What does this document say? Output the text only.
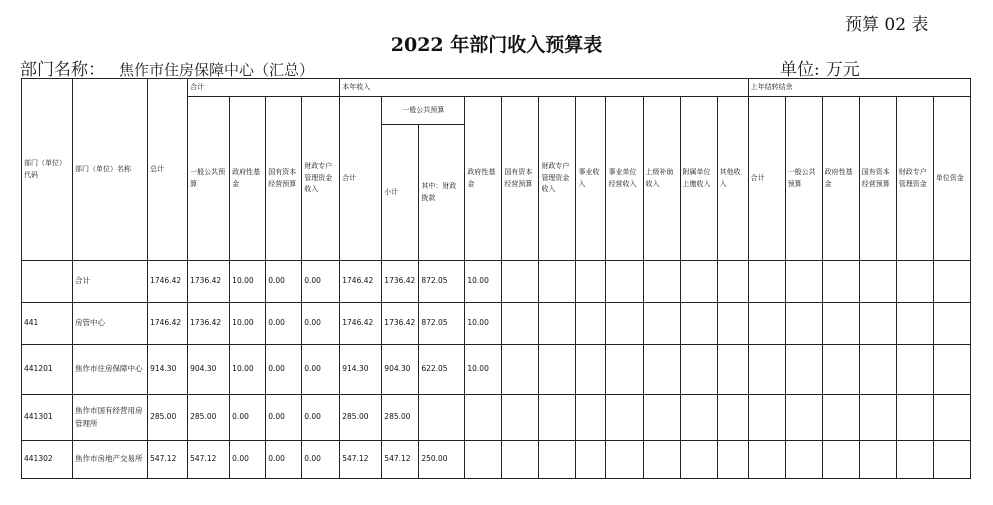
预算 02 表
2022 年部门收入预算表
部门名称： 焦作市住房保障中心（汇总）	单位: 万元
部门（单位）代码	部门（单位）名称	总计	合计				本年收入											上年结转结余					
			一般公共预算	政府性基金	国有资本经营预算	财政专户管理资金收入	合计	一般公共预算		政府性基金	国有资本经营预算	财政专户管理资金收入	事业收入	事业单位经营收入	上级补助收入	附属单位上缴收入	其他收入	合计	一般公共预算	政府性基金	国有资本经营预算	财政专户管理资金	单位资金
								小计	其中：财政拨款														
	合计	1746.42	1736.42	10.00	0.00	0.00	1746.42	1736.42	872.05	10.00													
441	房管中心	1746.42	1736.42	10.00	0.00	0.00	1746.42	1736.42	872.05	10.00													
441201	焦作市住房保障中心	914.30	904.30	10.00	0.00	0.00	914.30	904.30	622.05	10.00													
441301	焦作市国有经营用房管理所	285.00	285.00	0.00	0.00	0.00	285.00	285.00															
441302	焦作市房地产交易所	547.12	547.12	0.00	0.00	0.00	547.12	547.12	250.00														
